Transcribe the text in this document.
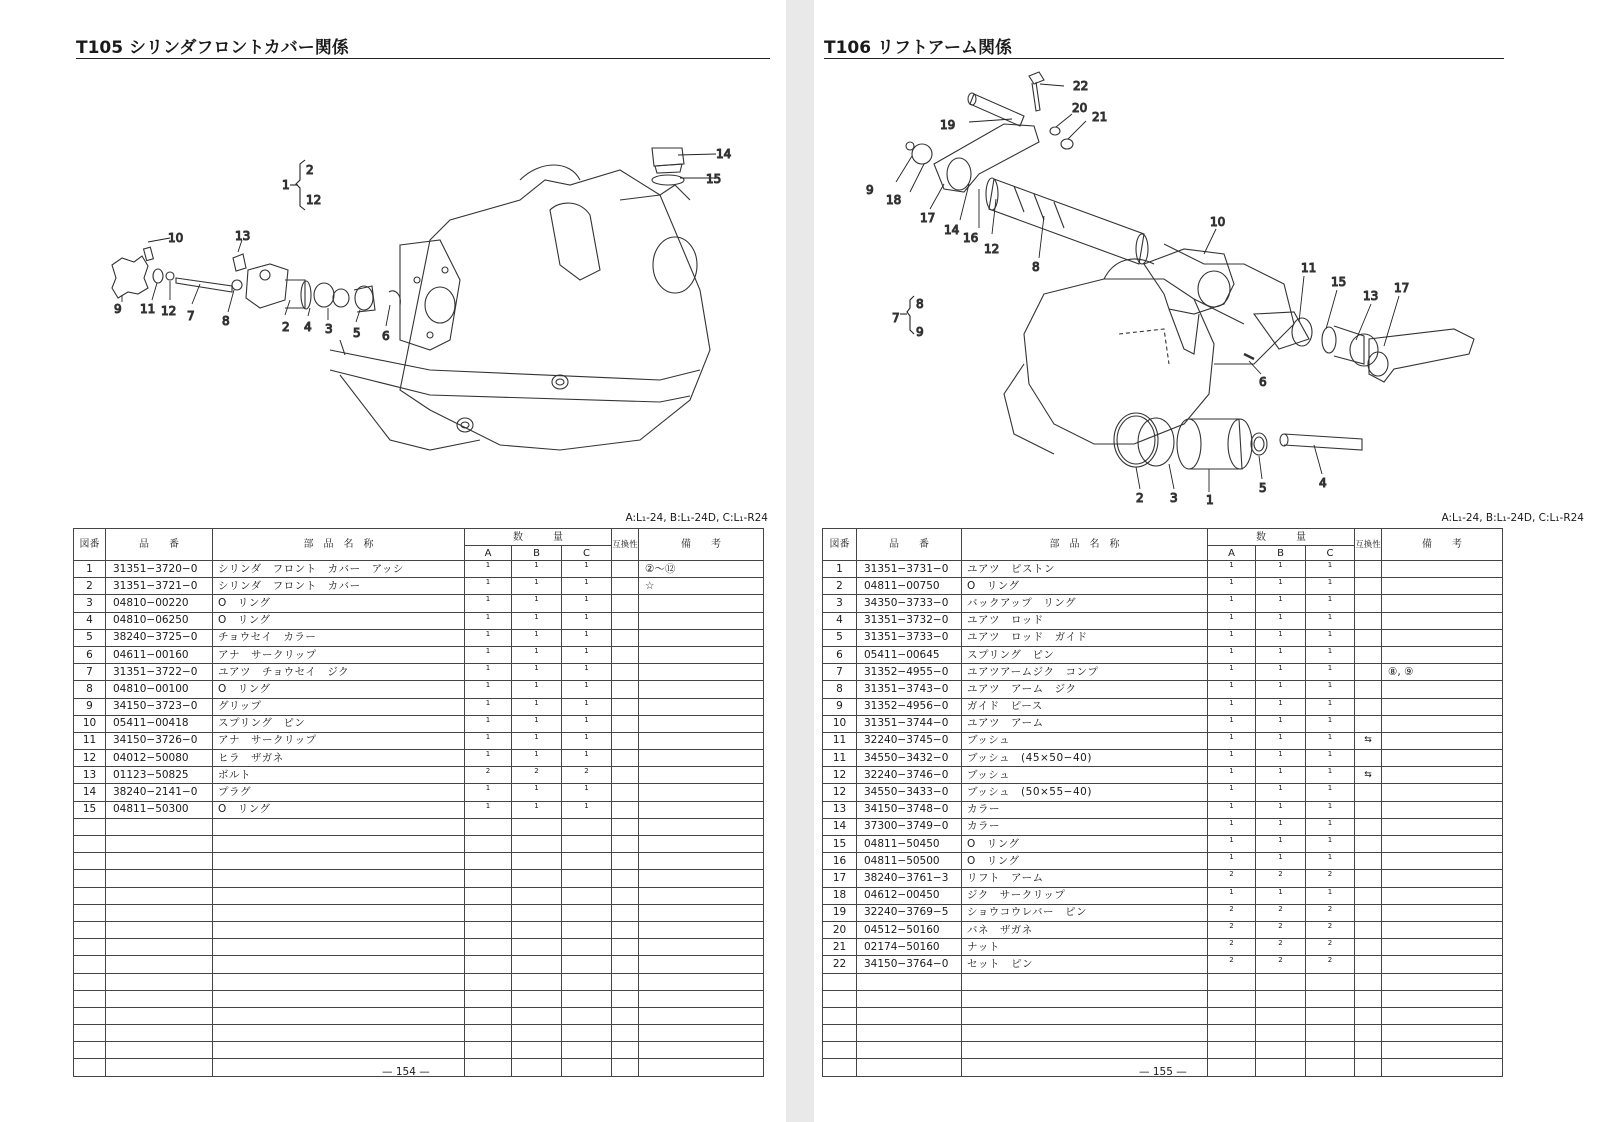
T105 シリンダフロントカバー関係
1
2
12
2	3
4	5 6
7 8
9
10
11 12
13
14
15
A:L₁-24, B:L₁-24D, C:L₁-R24
図番	品　　番	部　品　名　称	数　　　量			互換性	備　　考
			A	B	C		
1	31351−3720−0	シリンダ　フロント　カバー　アッシ	1	1	1		②〜⑫
2	31351−3721−0	シリンダ　フロント　カバー	1	1	1		☆
3	04810−00220	O　リング	1	1	1		
4	04810−06250	O　リング	1	1	1		
5	38240−3725−0	チョウセイ　カラー	1	1	1		
6	04611−00160	アナ　サークリップ	1	1	1		
7	31351−3722−0	ユアツ　チョウセイ　ジク	1	1	1		
8	04810−00100	O　リング	1	1	1		
9	34150−3723−0	グリップ	1	1	1		
10	05411−00418	スプリング　ピン	1	1	1		
11	34150−3726−0	アナ　サークリップ	1	1	1		
12	04012−50080	ヒラ　ザガネ	1	1	1		
13	01123−50825	ボルト	2	2	2		
14	38240−2141−0	プラグ	1	1	1		
15	04811−50300	O　リング	1	1	1		

— 154 —
T106 リフトアーム関係
22
19
20
21
9
18
17
14
16
12
8
10
11
15
13
17
7
8
9
6
2 3 1
5	4
A:L₁-24, B:L₁-24D, C:L₁-R24
図番	品　　番	部　品　名　称	数　　　量			互換性	備　　考
			A	B	C		
1	31351−3731−0	ユアツ　ピストン	1	1	1		
2	04811−00750	O　リング	1	1	1		
3	34350−3733−0	バックアップ　リング	1	1	1		
4	31351−3732−0	ユアツ　ロッド	1	1	1		
5	31351−3733−0	ユアツ　ロッド　ガイド	1	1	1		
6	05411−00645	スプリング　ピン	1	1	1		
7	31352−4955−0	ユアツアームジク　コンプ	1	1	1		⑧, ⑨
8	31351−3743−0	ユアツ　アーム　ジク	1	1	1		
9	31352−4956−0	ガイド　ピース	1	1	1		
10	31351−3744−0	ユアツ　アーム	1	1	1		
11	32240−3745−0	ブッシュ	1	1	1	⇆	
11	34550−3432−0	ブッシュ　(45×50−40)	1	1	1		
12	32240−3746−0	ブッシュ	1	1	1	⇆	
12	34550−3433−0	ブッシュ　(50×55−40)	1	1	1		
13	34150−3748−0	カラー	1	1	1		
14	37300−3749−0	カラー	1	1	1		
15	04811−50450	O　リング	1	1	1		
16	04811−50500	O　リング	1	1	1		
17	38240−3761−3	リフト　アーム	2	2	2		
18	04612−00450	ジク　サークリップ	1	1	1		
19	32240−3769−5	ショウコウレバー　ピン	2	2	2		
20	04512−50160	バネ　ザガネ	2	2	2		
21	02174−50160	ナット	2	2	2		
22	34150−3764−0	セット　ピン	2	2	2		

— 155 —
